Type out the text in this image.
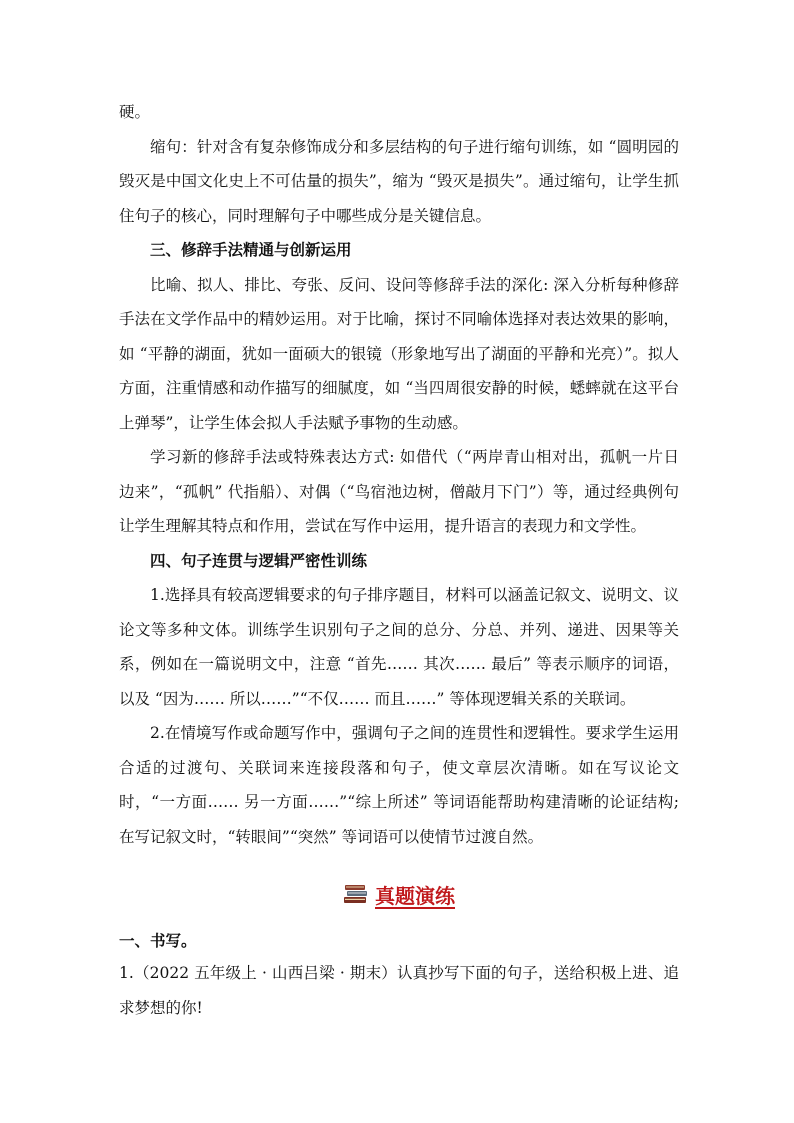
硬。

缩句：针对含有复杂修饰成分和多层结构的句子进行缩句训练，如 “圆明园的毁灭是中国文化史上不可估量的损失”，缩为 “毁灭是损失”。通过缩句，让学生抓住句子的核心，同时理解句子中哪些成分是关键信息。

三、修辞手法精通与创新运用

比喻、拟人、排比、夸张、反问、设问等修辞手法的深化: 深入分析每种修辞手法在文学作品中的精妙运用。对于比喻，探讨不同喻体选择对表达效果的影响，如 “平静的湖面，犹如一面硕大的银镜（形象地写出了湖面的平静和光亮）”。拟人方面，注重情感和动作描写的细腻度，如 “当四周很安静的时候，蟋蟀就在这平台上弹琴”，让学生体会拟人手法赋予事物的生动感。

学习新的修辞手法或特殊表达方式: 如借代（“两岸青山相对出，孤帆一片日边来”，“孤帆” 代指船）、对偶（“鸟宿池边树，僧敲月下门”）等，通过经典例句让学生理解其特点和作用，尝试在写作中运用，提升语言的表现力和文学性。

四、句子连贯与逻辑严密性训练

1.选择具有较高逻辑要求的句子排序题目，材料可以涵盖记叙文、说明文、议论文等多种文体。训练学生识别句子之间的总分、分总、并列、递进、因果等关系，例如在一篇说明文中，注意 “首先…… 其次…… 最后” 等表示顺序的词语，以及 “因为…… 所以……”“不仅…… 而且……” 等体现逻辑关系的关联词。

2.在情境写作或命题写作中，强调句子之间的连贯性和逻辑性。要求学生运用合适的过渡句、关联词来连接段落和句子，使文章层次清晰。如在写议论文时，“一方面…… 另一方面……”“综上所述” 等词语能帮助构建清晰的论证结构; 在写记叙文时，“转眼间”“突然” 等词语可以使情节过渡自然。

真题演练

一、书写。

1.（2022 五年级上 · 山西吕梁 · 期末）认真抄写下面的句子，送给积极上进、追求梦想的你!
